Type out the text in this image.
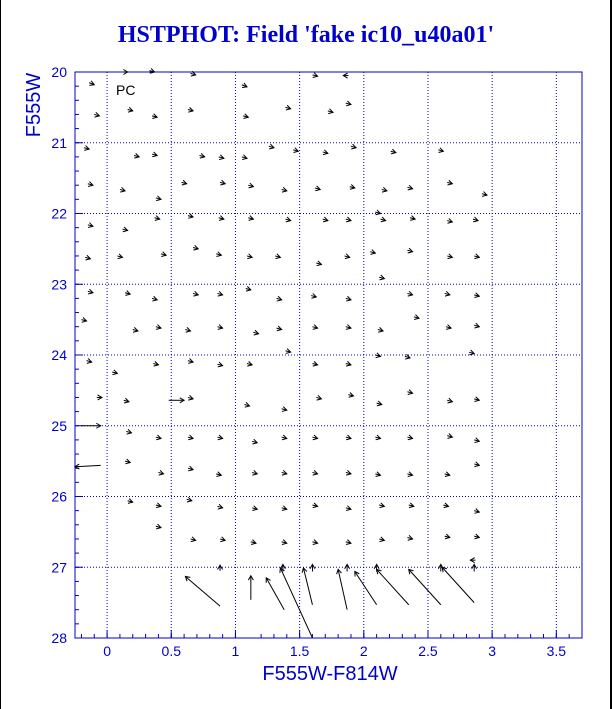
HSTPHOT: Field 'fake ic10_u40a01'
0	0.5	1	1.5	2	2.5	3	3.5
20
21
22
23
24
25
26
27
28
PC
F555W-F814W
F555W
